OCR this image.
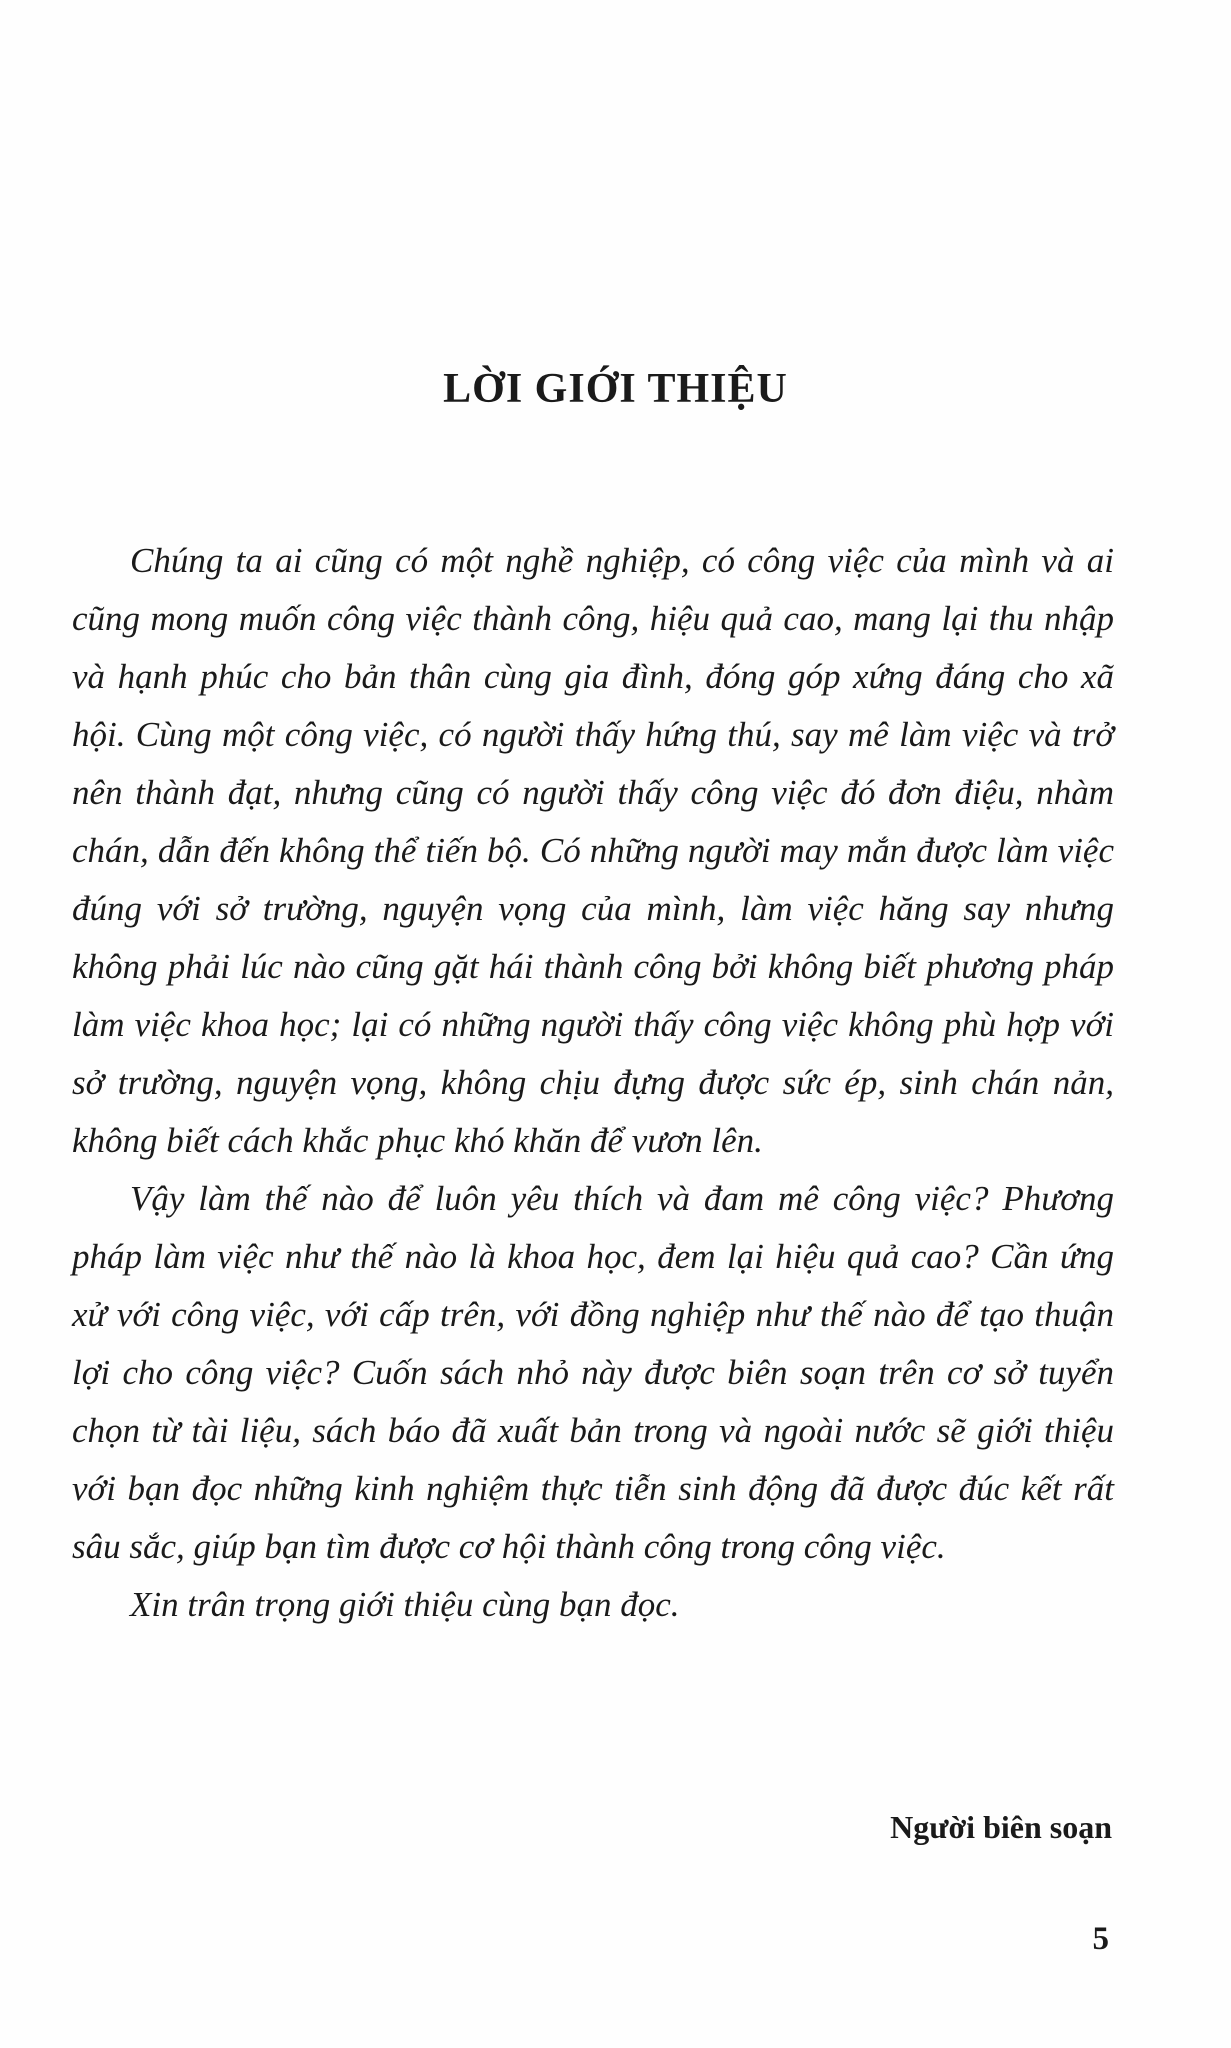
LỜI GIỚI THIỆU

Chúng ta ai cũng có một nghề nghiệp, có công việc của mình và ai cũng mong muốn công việc thành công, hiệu quả cao, mang lại thu nhập và hạnh phúc cho bản thân cùng gia đình, đóng góp xứng đáng cho xã hội. Cùng một công việc, có người thấy hứng thú, say mê làm việc và trở nên thành đạt, nhưng cũng có người thấy công việc đó đơn điệu, nhàm chán, dẫn đến không thể tiến bộ. Có những người may mắn được làm việc đúng với sở trường, nguyện vọng của mình, làm việc hăng say nhưng không phải lúc nào cũng gặt hái thành công bởi không biết phương pháp làm việc khoa học; lại có những người thấy công việc không phù hợp với sở trường, nguyện vọng, không chịu đựng được sức ép, sinh chán nản, không biết cách khắc phục khó khăn để vươn lên.

Vậy làm thế nào để luôn yêu thích và đam mê công việc? Phương pháp làm việc như thế nào là khoa học, đem lại hiệu quả cao? Cần ứng xử với công việc, với cấp trên, với đồng nghiệp như thế nào để tạo thuận lợi cho công việc? Cuốn sách nhỏ này được biên soạn trên cơ sở tuyển chọn từ tài liệu, sách báo đã xuất bản trong và ngoài nước sẽ giới thiệu với bạn đọc những kinh nghiệm thực tiễn sinh động đã được đúc kết rất sâu sắc, giúp bạn tìm được cơ hội thành công trong công việc.

Xin trân trọng giới thiệu cùng bạn đọc.

Người biên soạn
5
